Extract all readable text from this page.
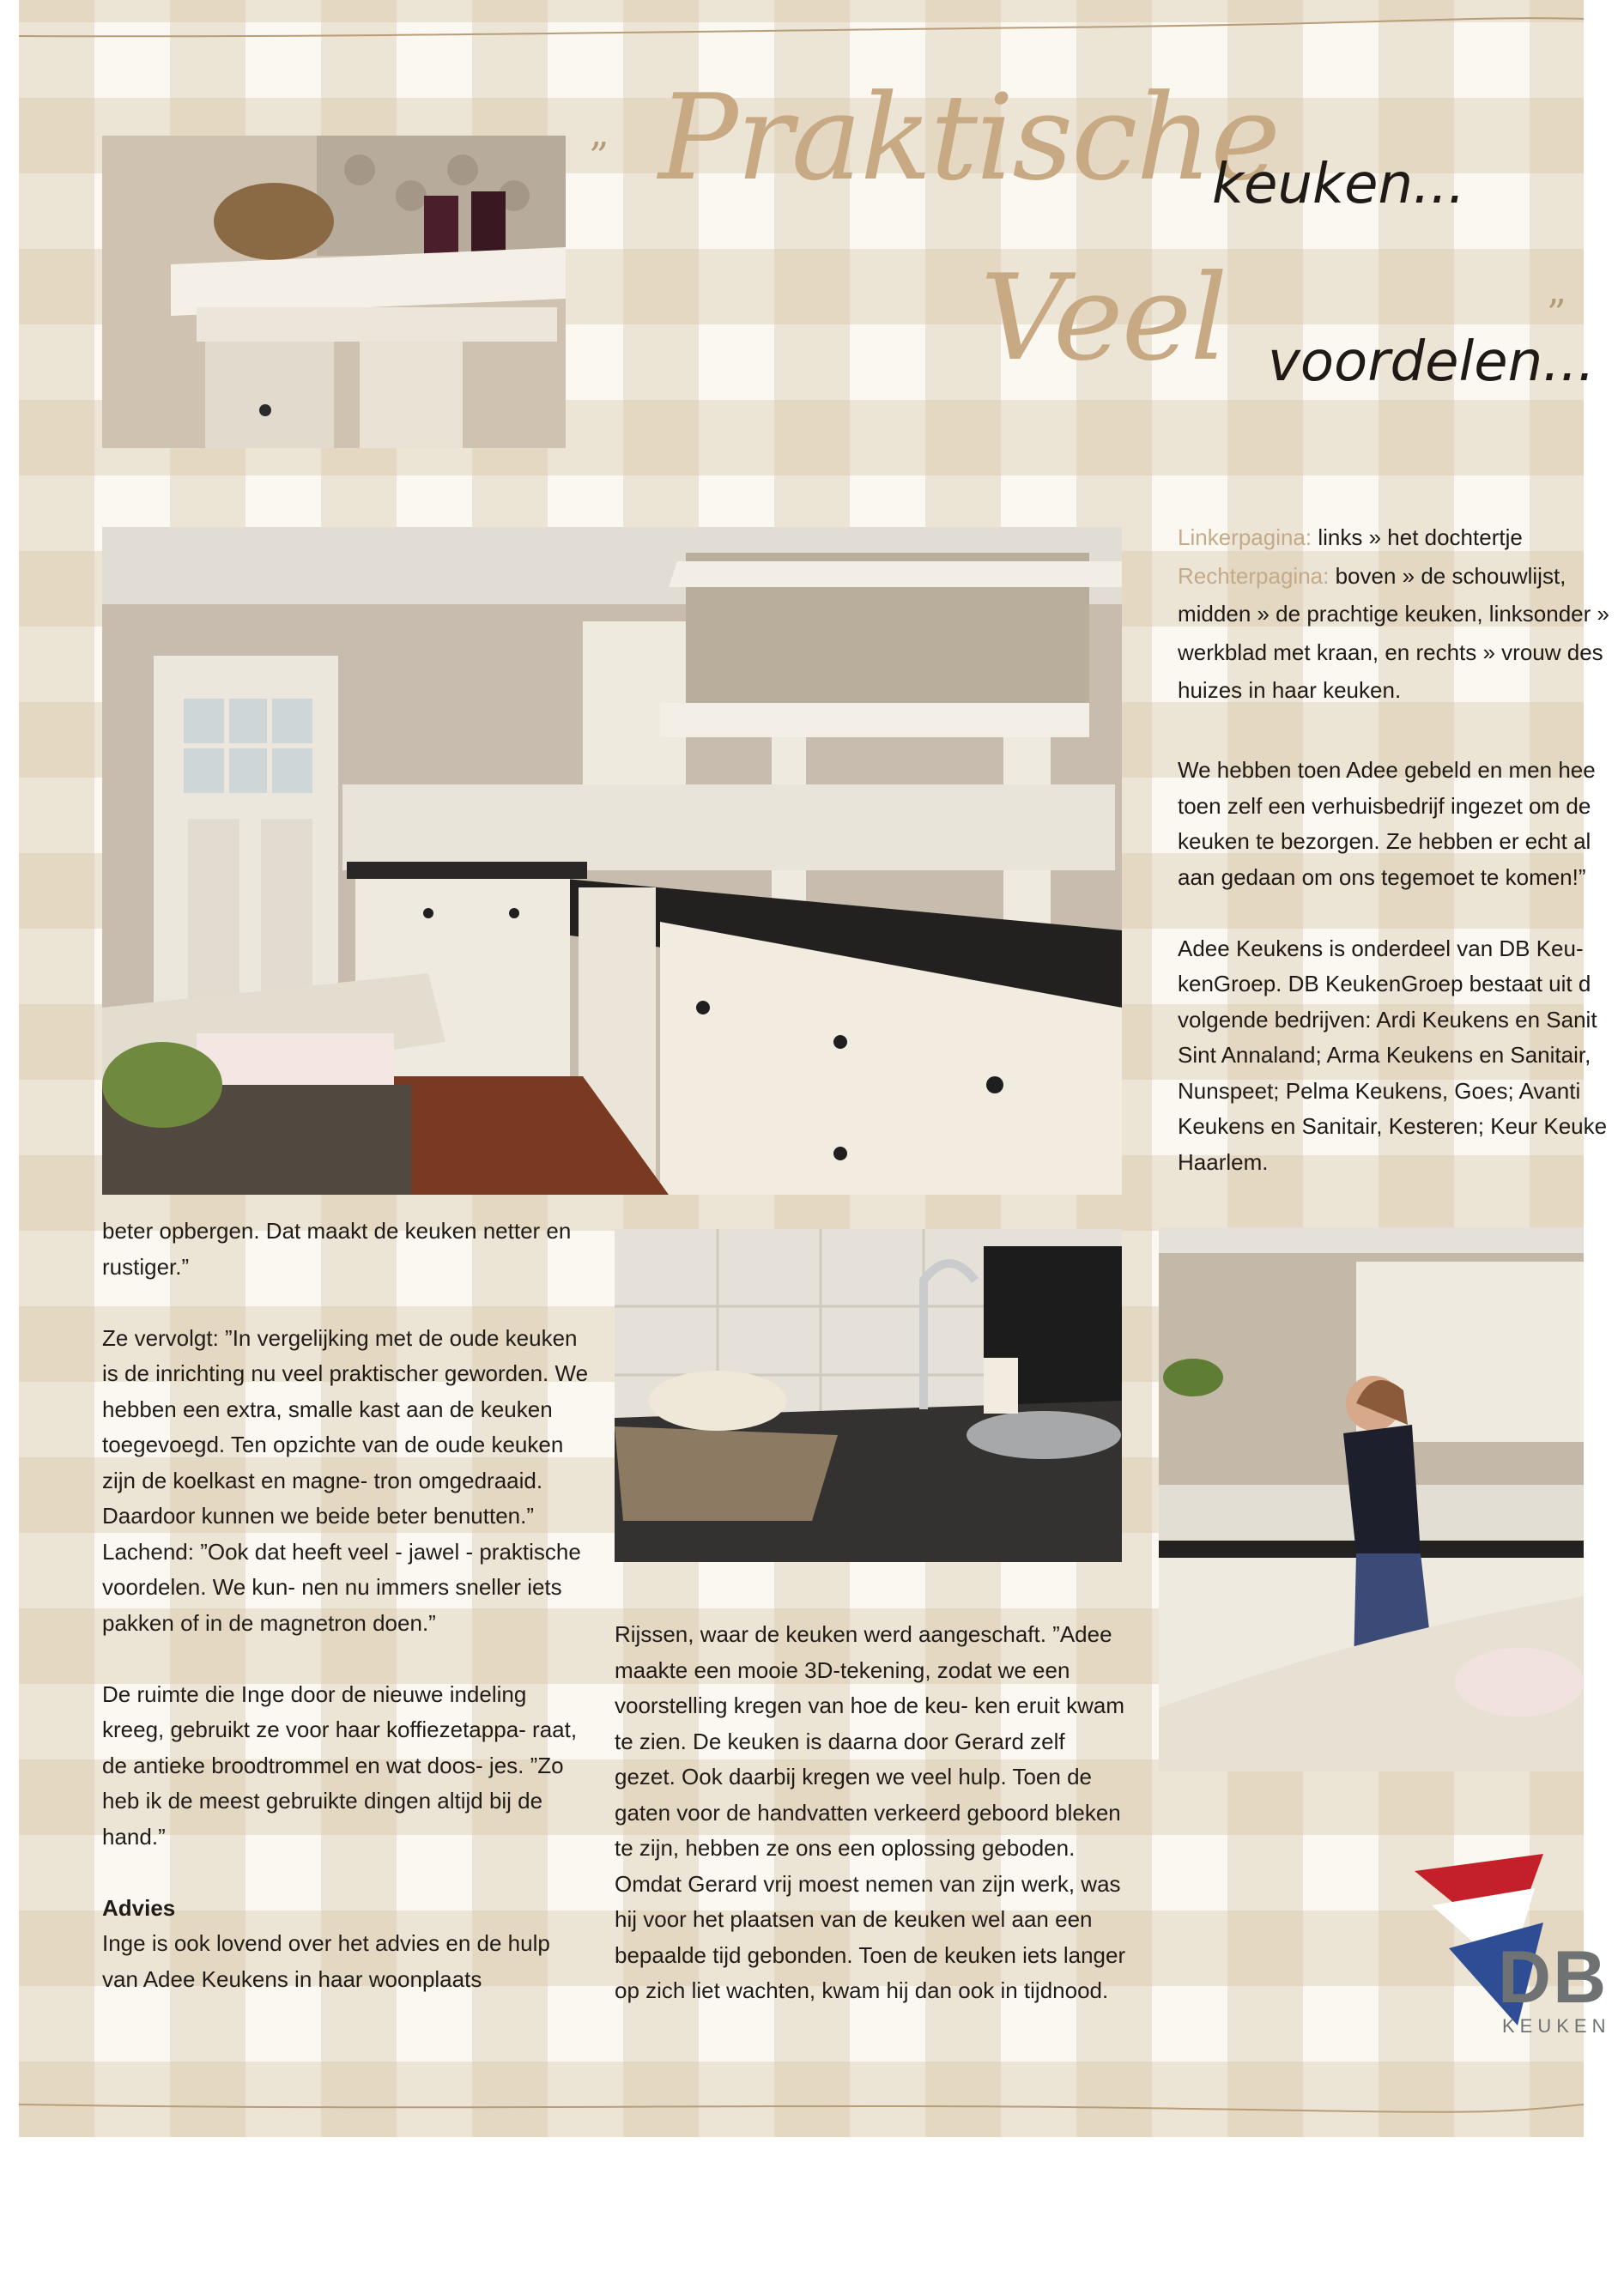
„ Praktische
keuken...
Veel voordelen...
”
Linkerpagina: links » het dochtertje
Rechterpagina: boven » de schouwlijst,
midden » de prachtige keuken, linksonder »
werkblad met kraan, en rechts » vrouw des
huizes in haar keuken.

We hebben toen Adee gebeld en men hee
toen zelf een verhuisbedrijf ingezet om de
keuken te bezorgen. Ze hebben er echt al
aan gedaan om ons tegemoet te komen!”

Adee Keukens is onderdeel van DB Keu-
kenGroep. DB KeukenGroep bestaat uit d
volgende bedrijven: Ardi Keukens en Sanit
Sint Annaland; Arma Keukens en Sanitair,
Nunspeet; Pelma Keukens, Goes; Avanti
Keukens en Sanitair, Kesteren; Keur Keuke
Haarlem.

beter opbergen. Dat maakt de keuken netter en rustiger.”

Ze vervolgt: ”In vergelijking met de oude keuken is de inrichting nu veel praktischer geworden. We hebben een extra, smalle kast aan de keuken toegevoegd. Ten opzichte van de oude keuken zijn de koelkast en magne- tron omgedraaid. Daardoor kunnen we beide beter benutten.” Lachend: ”Ook dat heeft veel - jawel - praktische voordelen. We kun- nen nu immers sneller iets pakken of in de magnetron doen.”

De ruimte die Inge door de nieuwe indeling kreeg, gebruikt ze voor haar koffiezetappa- raat, de antieke broodtrommel en wat doos- jes. ”Zo heb ik de meest gebruikte dingen altijd bij de hand.”

Advies

Inge is ook lovend over het advies en de hulp van Adee Keukens in haar woonplaats

Rijssen, waar de keuken werd aangeschaft. ”Adee maakte een mooie 3D-tekening, zodat we een voorstelling kregen van hoe de keu- ken eruit kwam te zien. De keuken is daarna door Gerard zelf gezet. Ook daarbij kregen we veel hulp. Toen de gaten voor de handvatten verkeerd geboord bleken te zijn, hebben ze ons een oplossing geboden. Omdat Gerard vrij moest nemen van zijn werk, was hij voor het plaatsen van de keuken wel aan een bepaalde tijd gebonden. Toen de keuken iets langer op zich liet wachten, kwam hij dan ook in tijdnood.	DB
KEUKEN
